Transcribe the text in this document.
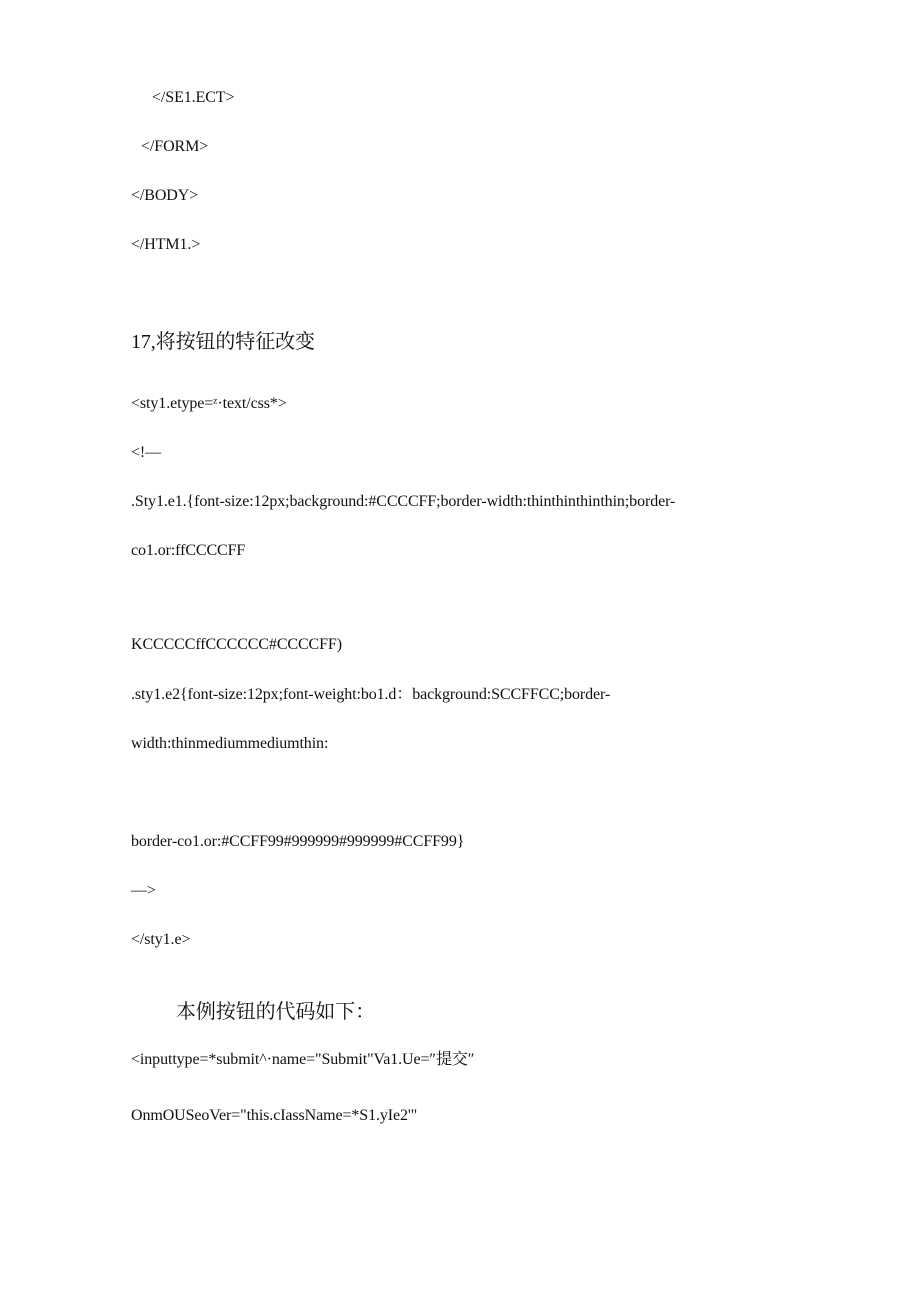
</SE1.ECT>
</FORM>
</BODY>
</HTM1.>
17,将按钮的特征改变
<sty1.etype=ᶻ·text/css*>
<!—
.Sty1.e1.{font-size:12px;background:#CCCCFF;border-width:thinthinthinthin;border-
co1.or:ffCCCCFF
KCCCCCffCCCCCC#CCCCFF)
.sty1.e2{font-size:12px;font-weight:bo1.d：background:SCCFFCC;border-
width:thinmediummediumthin:
border-co1.or:#CCFF99#999999#999999#CCFF99}
—>
</sty1.e>
本例按钮的代码如下：
<inputtype=*submit^·name="Submit"Va1.Ue=″提交″
OnmOUSeoVer="this.cIassName=*S1.yIe2'"
